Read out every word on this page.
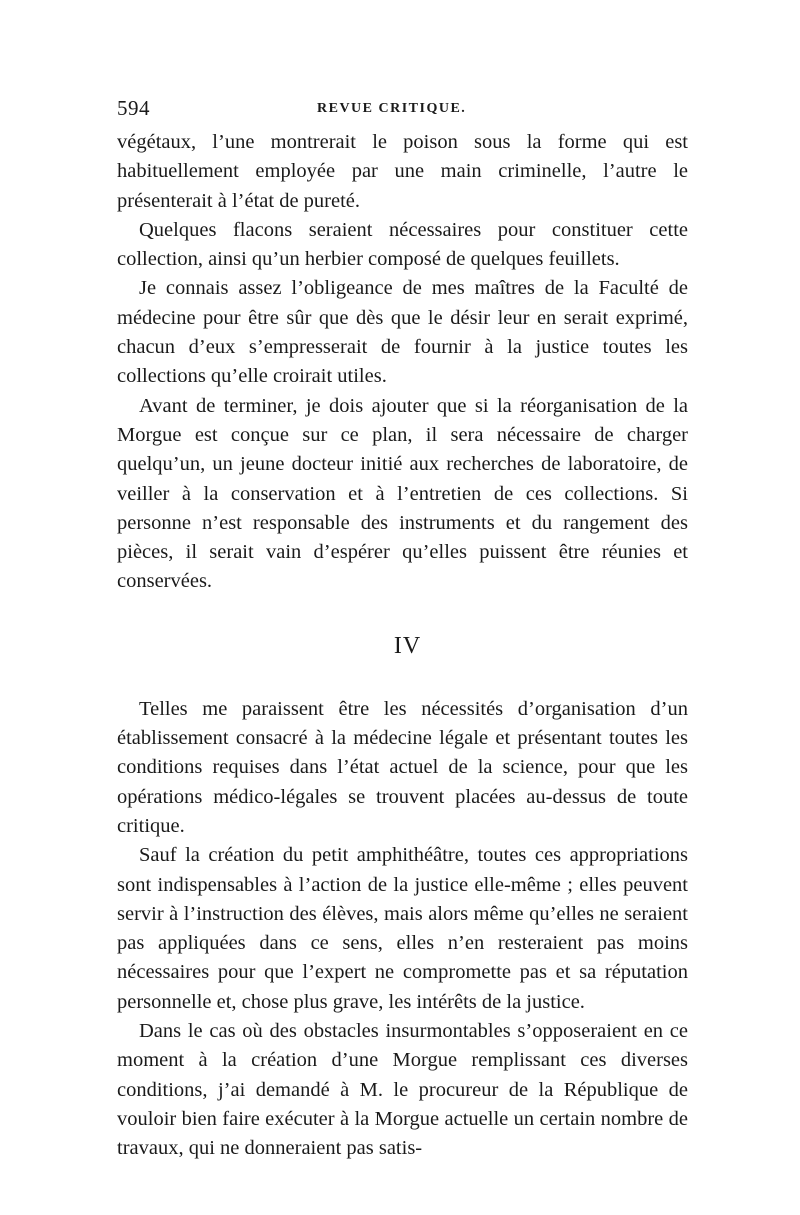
594	REVUE CRITIQUE.

végétaux, l’une montrerait le poison sous la forme qui est habituellement employée par une main criminelle, l’autre le présenterait à l’état de pureté.

Quelques flacons seraient nécessaires pour constituer cette collection, ainsi qu’un herbier composé de quelques feuillets.

Je connais assez l’obligeance de mes maîtres de la Faculté de médecine pour être sûr que dès que le désir leur en serait exprimé, chacun d’eux s’empresserait de fournir à la justice toutes les collections qu’elle croirait utiles.

Avant de terminer, je dois ajouter que si la réorganisation de la Morgue est conçue sur ce plan, il sera nécessaire de charger quelqu’un, un jeune docteur initié aux recherches de laboratoire, de veiller à la conservation et à l’entretien de ces collections. Si personne n’est responsable des instruments et du rangement des pièces, il serait vain d’espérer qu’elles puissent être réunies et conservées.

IV

Telles me paraissent être les nécessités d’organisation d’un établissement consacré à la médecine légale et présentant toutes les conditions requises dans l’état actuel de la science, pour que les opérations médico-légales se trouvent placées au-dessus de toute critique.

Sauf la création du petit amphithéâtre, toutes ces appropriations sont indispensables à l’action de la justice elle-même ; elles peuvent servir à l’instruction des élèves, mais alors même qu’elles ne seraient pas appliquées dans ce sens, elles n’en resteraient pas moins nécessaires pour que l’expert ne compromette pas et sa réputation personnelle et, chose plus grave, les intérêts de la justice.

Dans le cas où des obstacles insurmontables s’opposeraient en ce moment à la création d’une Morgue remplissant ces diverses conditions, j’ai demandé à M. le procureur de la République de vouloir bien faire exécuter à la Morgue actuelle un certain nombre de travaux, qui ne donneraient pas satis-
